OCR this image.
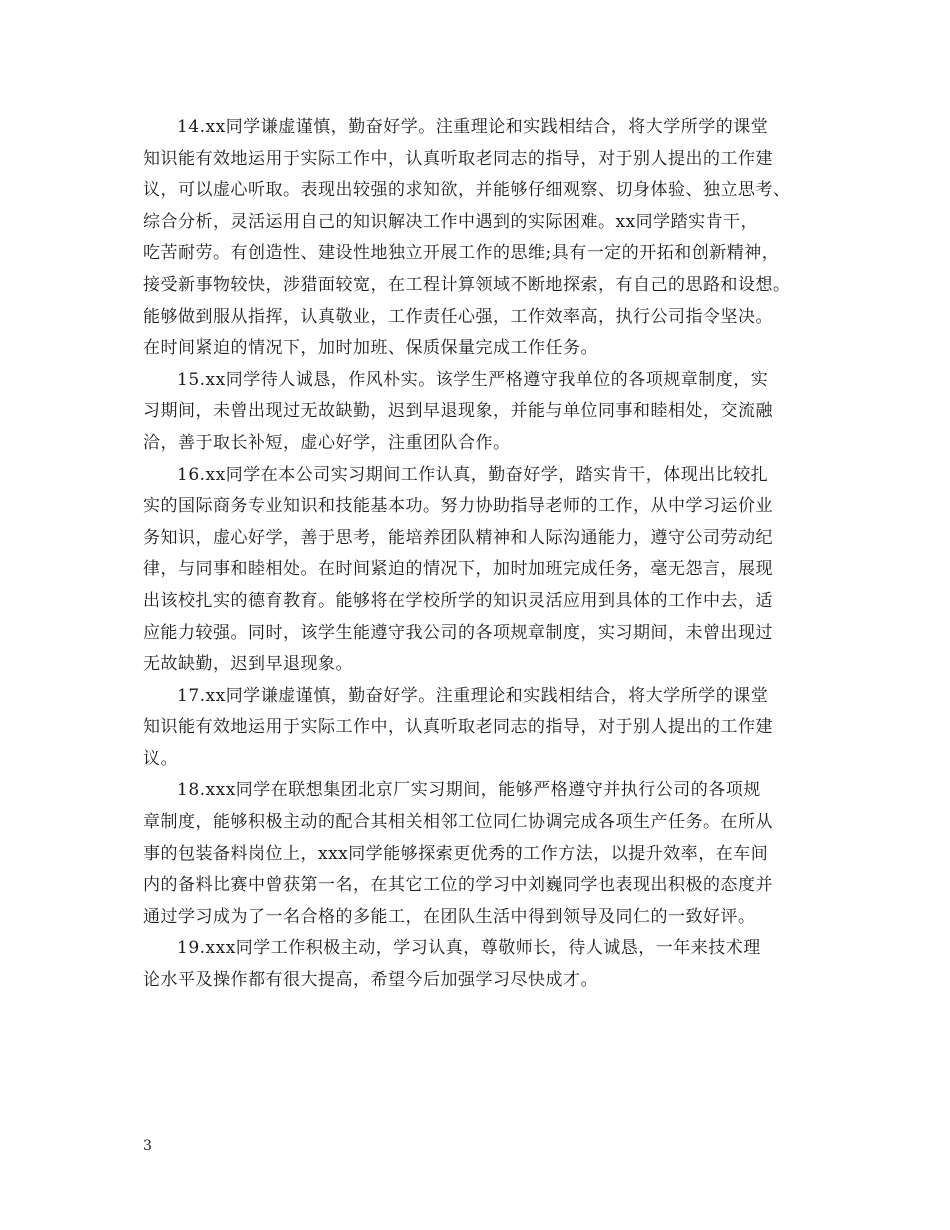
14.xx同学谦虚谨慎，勤奋好学。注重理论和实践相结合，将大学所学的课堂
知识能有效地运用于实际工作中，认真听取老同志的指导，对于别人提出的工作建
议，可以虚心听取。表现出较强的求知欲，并能够仔细观察、切身体验、独立思考、
综合分析，灵活运用自己的知识解决工作中遇到的实际困难。xx同学踏实肯干，
吃苦耐劳。有创造性、建设性地独立开展工作的思维;具有一定的开拓和创新精神，
接受新事物较快，涉猎面较宽，在工程计算领域不断地探索，有自己的思路和设想。
能够做到服从指挥，认真敬业，工作责任心强，工作效率高，执行公司指令坚决。
在时间紧迫的情况下，加时加班、保质保量完成工作任务。

15.xx同学待人诚恳，作风朴实。该学生严格遵守我单位的各项规章制度，实
习期间，未曾出现过无故缺勤，迟到早退现象，并能与单位同事和睦相处，交流融
洽，善于取长补短，虚心好学，注重团队合作。

16.xx同学在本公司实习期间工作认真，勤奋好学，踏实肯干，体现出比较扎
实的国际商务专业知识和技能基本功。努力协助指导老师的工作，从中学习运价业
务知识，虚心好学，善于思考，能培养团队精神和人际沟通能力，遵守公司劳动纪
律，与同事和睦相处。在时间紧迫的情况下，加时加班完成任务，毫无怨言，展现
出该校扎实的德育教育。能够将在学校所学的知识灵活应用到具体的工作中去，适
应能力较强。同时，该学生能遵守我公司的各项规章制度，实习期间，未曾出现过
无故缺勤，迟到早退现象。

17.xx同学谦虚谨慎，勤奋好学。注重理论和实践相结合，将大学所学的课堂
知识能有效地运用于实际工作中，认真听取老同志的指导，对于别人提出的工作建
议。

18.xxx同学在联想集团北京厂实习期间，能够严格遵守并执行公司的各项规
章制度，能够积极主动的配合其相关相邻工位同仁协调完成各项生产任务。在所从
事的包装备料岗位上，xxx同学能够探索更优秀的工作方法，以提升效率，在车间
内的备料比赛中曾获第一名，在其它工位的学习中刘巍同学也表现出积极的态度并
通过学习成为了一名合格的多能工，在团队生活中得到领导及同仁的一致好评。

19.xxx同学工作积极主动，学习认真，尊敬师长，待人诚恳，一年来技术理
论水平及操作都有很大提高，希望今后加强学习尽快成才。

3
